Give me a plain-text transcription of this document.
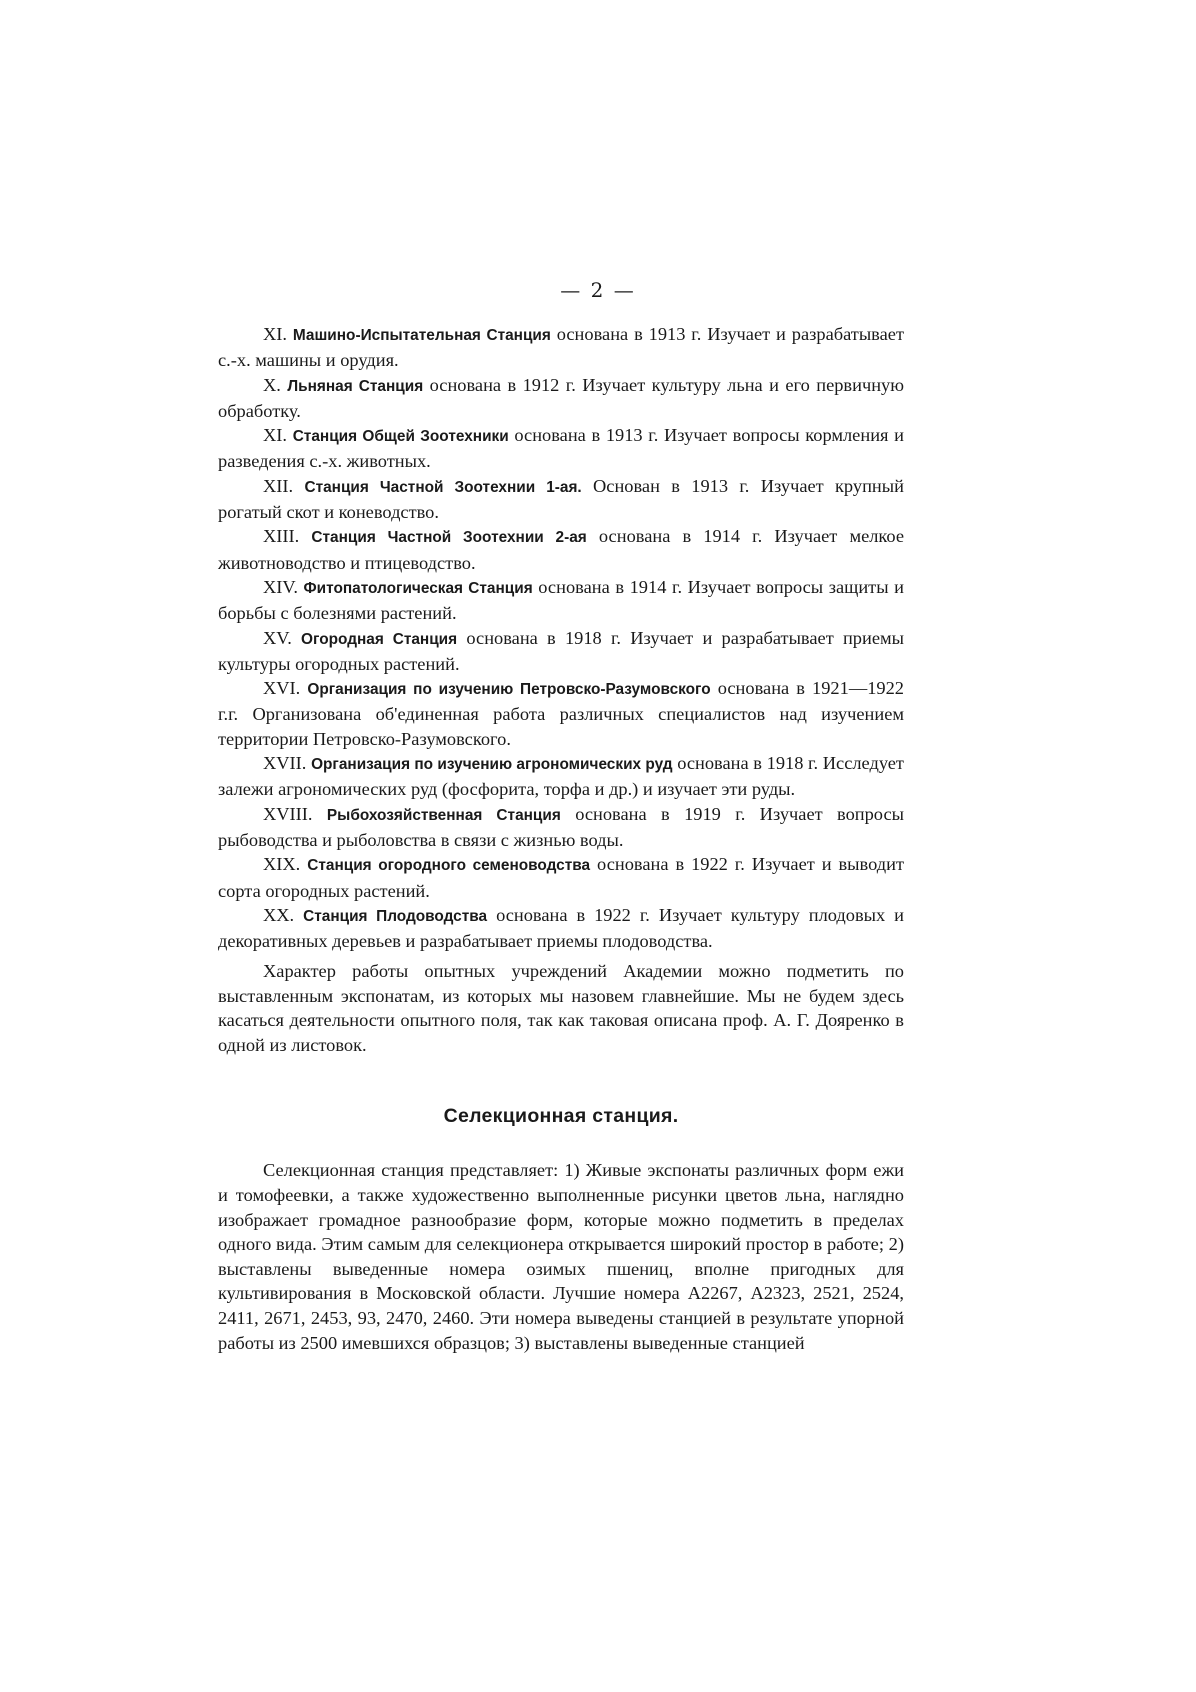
— 2 —

XI. Машино-Испытательная Станция основана в 1913 г. Изучает и разрабатывает с.-х. машины и орудия.

X. Льняная Станция основана в 1912 г. Изучает культуру льна и его первичную обработку.

XI. Станция Общей Зоотехники основана в 1913 г. Изучает вопросы кормления и разведения с.-х. животных.

XII. Станция Частной Зоотехнии 1-ая. Основан в 1913 г. Изучает крупный рогатый скот и коневодство.

XIII. Станция Частной Зоотехнии 2-ая основана в 1914 г. Изучает мелкое животноводство и птицеводство.

XIV. Фитопатологическая Станция основана в 1914 г. Изучает вопросы защиты и борьбы с болезнями растений.

XV. Огородная Станция основана в 1918 г. Изучает и разрабатывает приемы культуры огородных растений.

XVI. Организация по изучению Петровско-Разумовского основана в 1921—1922 г.г. Организована об'единенная работа различных специалистов над изучением территории Петровско-Разумовского.

XVII. Организация по изучению агрономических руд основана в 1918 г. Исследует залежи агрономических руд (фосфорита, торфа и др.) и изучает эти руды.

XVIII. Рыбохозяйственная Станция основана в 1919 г. Изучает вопросы рыбоводства и рыболовства в связи с жизнью воды.

XIX. Станция огородного семеноводства основана в 1922 г. Изучает и выводит сорта огородных растений.

XX. Станция Плодоводства основана в 1922 г. Изучает культуру плодовых и декоративных деревьев и разрабатывает приемы плодоводства.

Характер работы опытных учреждений Академии можно подметить по выставленным экспонатам, из которых мы назовем главнейшие. Мы не будем здесь касаться деятельности опытного поля, так как таковая описана проф. А. Г. Дояренко в одной из листовок.

Селекционная станция.

Селекционная станция представляет: 1) Живые экспонаты различных форм ежи и томофеевки, а также художественно выполненные рисунки цветов льна, наглядно изображает громадное разнообразие форм, которые можно подметить в пределах одного вида. Этим самым для селекционера открывается широкий простор в работе; 2) выставлены выведенные номера озимых пшениц, вполне пригодных для культивирования в Московской области. Лучшие номера А2267, А2323, 2521, 2524, 2411, 2671, 2453, 93, 2470, 2460. Эти номера выведены станцией в результате упорной работы из 2500 имевшихся образцов; 3) выставлены выведенные станцией
